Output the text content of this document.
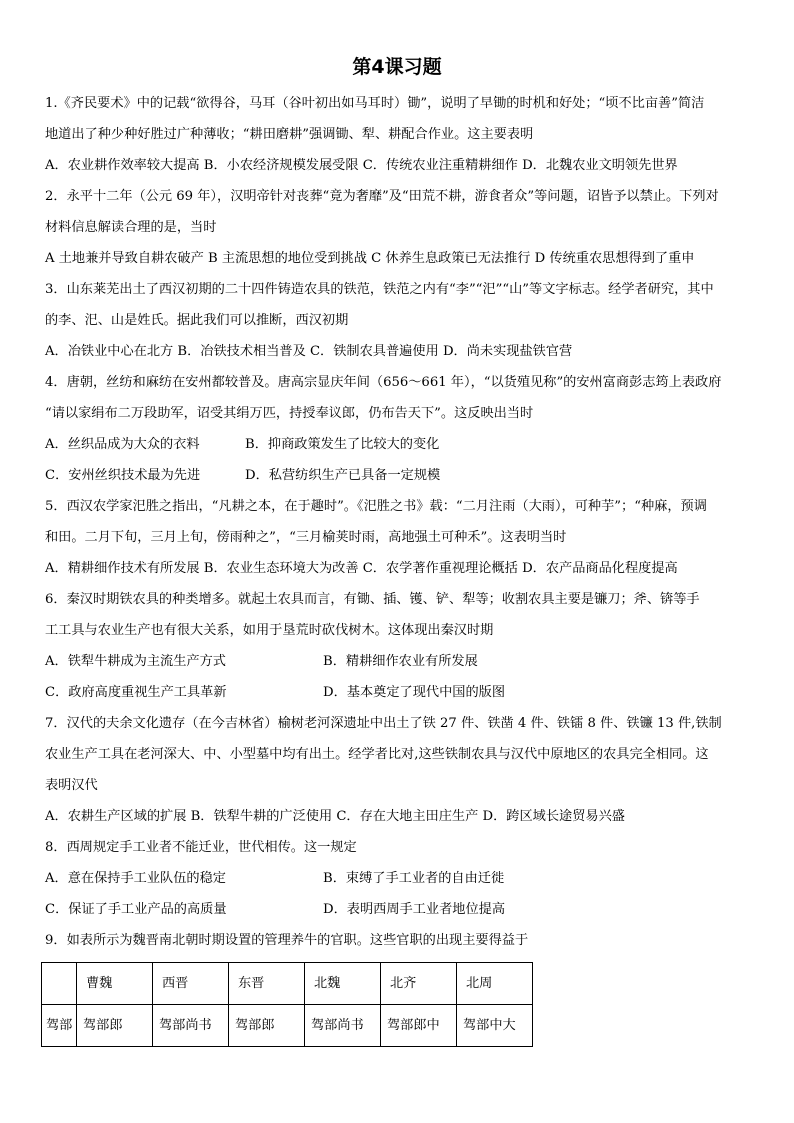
第4课习题

1.《齐民要术》中的记载“欲得谷，马耳（谷叶初出如马耳时）锄”，说明了早锄的时机和好处；“顷不比亩善”简洁

地道出了种少种好胜过广种薄收；“耕田磨耕”强调锄、犁、耕配合作业。这主要表明

A．农业耕作效率较大提高 B．小农经济规模发展受限 C．传统农业注重精耕细作 D．北魏农业文明领先世界

2．永平十二年（公元 69 年），汉明帝针对丧葬“竟为奢靡”及“田荒不耕，游食者众”等问题，诏皆予以禁止。下列对

材料信息解读合理的是，当时

A 土地兼并导致自耕农破产 B 主流思想的地位受到挑战 C 休养生息政策已无法推行 D 传统重农思想得到了重申

3．山东莱芜出土了西汉初期的二十四件铸造农具的铁范，铁范之内有“李”“汜”“山”等文字标志。经学者研究，其中

的李、汜、山是姓氏。据此我们可以推断，西汉初期

A．冶铁业中心在北方 B．冶铁技术相当普及 C．铁制农具普遍使用 D．尚未实现盐铁官营

4．唐朝，丝纺和麻纺在安州都较普及。唐高宗显庆年间（656～661 年），“以货殖见称”的安州富商彭志筠上表政府

“请以家绢布二万段助军，诏受其绢万匹，持授奉议郎，仍布告天下”。这反映出当时

A．丝织品成为大众的衣料	B．抑商政策发生了比较大的变化

C．安州丝织技术最为先进	D．私营纺织生产已具备一定规模

5．西汉农学家汜胜之指出，“凡耕之本，在于趣时”。《汜胜之书》载：“二月注雨（大雨），可种芋”；“种麻，预调

和田。二月下旬，三月上旬，傍雨种之”，“三月榆荚时雨，高地强土可种禾”。这表明当时

A．精耕细作技术有所发展 B．农业生态环境大为改善 C．农学著作重视理论概括 D．农产品商品化程度提高

6．秦汉时期铁农具的种类增多。就起土农具而言，有锄、插、镬、铲、犁等；收割农具主要是镰刀；斧、锛等手

工工具与农业生产也有很大关系，如用于垦荒时砍伐树木。这体现出秦汉时期

A．铁犁牛耕成为主流生产方式	B．精耕细作农业有所发展

C．政府高度重视生产工具革新	D．基本奠定了现代中国的版图

7．汉代的夫余文化遗存（在今吉林省）榆树老河深遗址中出土了铁 27 件、铁凿 4 件、铁镭 8 件、铁镰 13 件,铁制

农业生产工具在老河深大、中、小型墓中均有出土。经学者比对,这些铁制农具与汉代中原地区的农具完全相同。这

表明汉代

A．农耕生产区域的扩展 B．铁犁牛耕的广泛使用 C．存在大地主田庄生产 D．跨区域长途贸易兴盛

8．西周规定手工业者不能迁业，世代相传。这一规定

A．意在保持手工业队伍的稳定	B．束缚了手工业者的自由迁徙

C．保证了手工业产品的高质量	D．表明西周手工业者地位提高

9．如表所示为魏晋南北朝时期设置的管理养牛的官职。这些官职的出现主要得益于

	曹魏	西晋	东晋	北魏	北齐	北周
驾部	驾部郎	驾部尚书	驾部郎	驾部尚书	驾部郎中	驾部中大
